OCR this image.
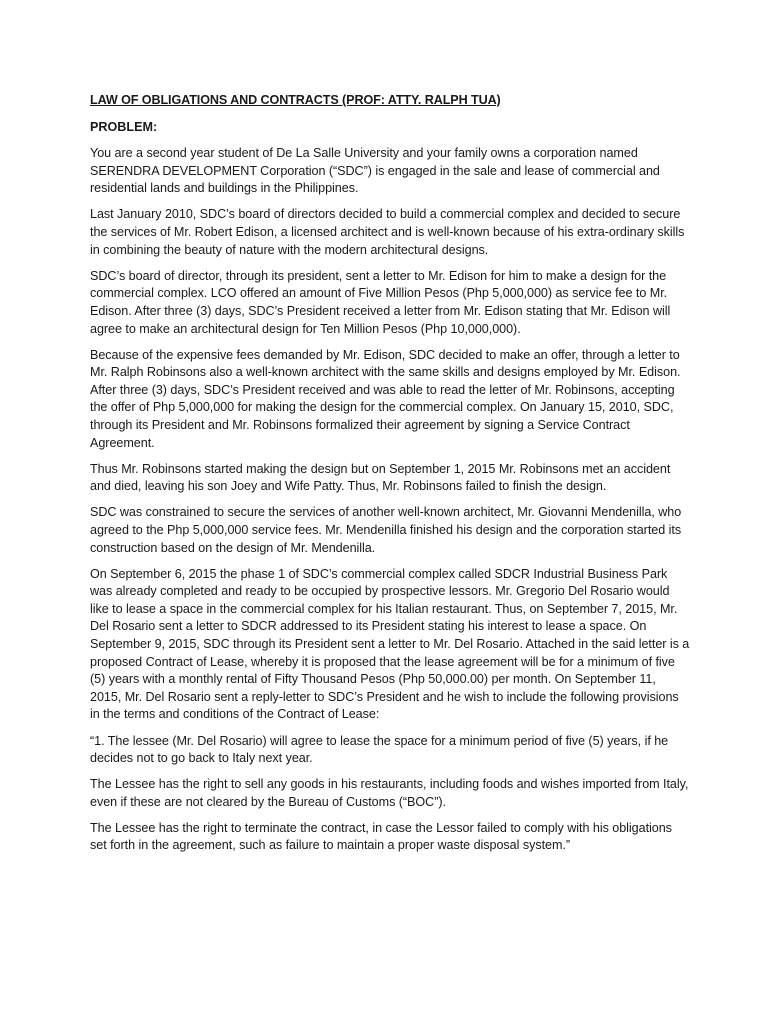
LAW OF OBLIGATIONS AND CONTRACTS (PROF: ATTY. RALPH TUA)
PROBLEM:
You are a second year student of De La Salle University and your family owns a corporation named SERENDRA DEVELOPMENT Corporation (“SDC”) is engaged in the sale and lease of commercial and residential lands and buildings in the Philippines.
Last January 2010, SDC’s board of directors decided to build a commercial complex and decided to secure the services of Mr. Robert Edison, a licensed architect and is well-known because of his extra-ordinary skills in combining the beauty of nature with the modern architectural designs.
SDC’s board of director, through its president, sent a letter to Mr. Edison for him to make a design for the commercial complex. LCO offered an amount of Five Million Pesos (Php 5,000,000) as service fee to Mr. Edison. After three (3) days, SDC’s President received a letter from Mr. Edison stating that Mr. Edison will agree to make an architectural design for Ten Million Pesos (Php 10,000,000).
Because of the expensive fees demanded by Mr. Edison, SDC decided to make an offer, through a letter to Mr. Ralph Robinsons also a well-known architect with the same skills and designs employed by Mr. Edison. After three (3) days, SDC’s President received and was able to read the letter of Mr. Robinsons, accepting the offer of Php 5,000,000 for making the design for the commercial complex. On January 15, 2010, SDC, through its President and Mr. Robinsons formalized their agreement by signing a Service Contract Agreement.
Thus Mr. Robinsons started making the design but on September 1, 2015 Mr. Robinsons met an accident and died, leaving his son Joey and Wife Patty. Thus, Mr. Robinsons failed to finish the design.
SDC was constrained to secure the services of another well-known architect, Mr. Giovanni Mendenilla, who agreed to the Php 5,000,000 service fees. Mr. Mendenilla finished his design and the corporation started its construction based on the design of Mr. Mendenilla.
On September 6, 2015 the phase 1 of SDC’s commercial complex called SDCR Industrial Business Park was already completed and ready to be occupied by prospective lessors. Mr. Gregorio Del Rosario would like to lease a space in the commercial complex for his Italian restaurant. Thus, on September 7, 2015, Mr. Del Rosario sent a letter to SDCR addressed to its President stating his interest to lease a space. On September 9, 2015, SDC through its President sent a letter to Mr. Del Rosario. Attached in the said letter is a proposed Contract of Lease, whereby it is proposed that the lease agreement will be for a minimum of five (5) years with a monthly rental of Fifty Thousand Pesos (Php 50,000.00) per month. On September 11, 2015, Mr. Del Rosario sent a reply-letter to SDC’s President and he wish to include the following provisions in the terms and conditions of the Contract of Lease:
“1. The lessee (Mr. Del Rosario) will agree to lease the space for a minimum period of five (5) years, if he decides not to go back to Italy next year.
The Lessee has the right to sell any goods in his restaurants, including foods and wishes imported from Italy, even if these are not cleared by the Bureau of Customs (“BOC”).
The Lessee has the right to terminate the contract, in case the Lessor failed to comply with his obligations set forth in the agreement, such as failure to maintain a proper waste disposal system.”
